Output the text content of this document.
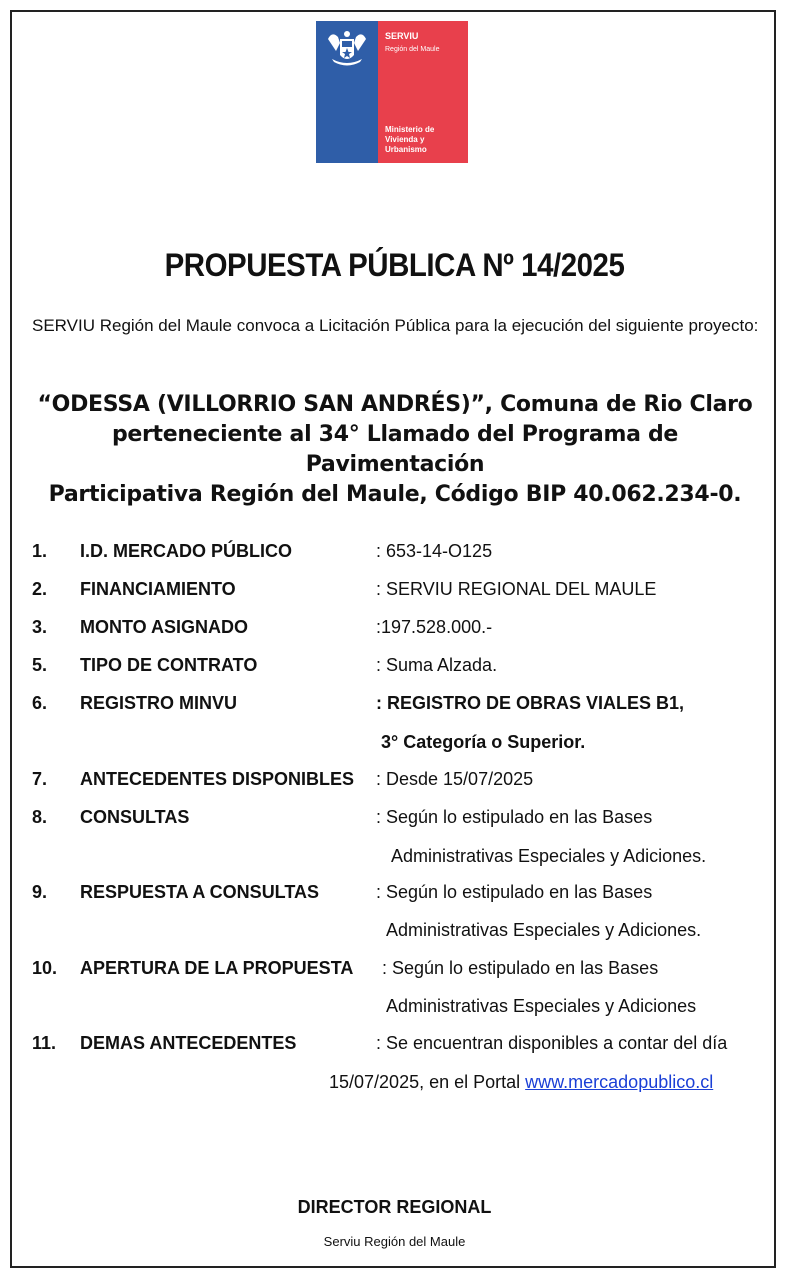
SERVIU
Región del Maule
Ministerio de Vivienda y Urbanismo
PROPUESTA PÚBLICA Nº 14/2025
SERVIU Región del Maule convoca a Licitación Pública para la ejecución del siguiente proyecto:
“ODESSA (VILLORRIO SAN ANDRÉS)”, Comuna de Rio Claro
perteneciente al 34° Llamado del Programa de Pavimentación
Participativa Región del Maule, Código BIP 40.062.234-0.
1. I.D. MERCADO PÚBLICO	: 653-14-O125
2. FINANCIAMIENTO	: SERVIU REGIONAL DEL MAULE
3. MONTO ASIGNADO	:197.528.000.-
5. TIPO DE CONTRATO	: Suma Alzada.
6. REGISTRO MINVU	: REGISTRO DE OBRAS VIALES B1,
3° Categoría o Superior.
7. ANTECEDENTES DISPONIBLES : Desde 15/07/2025
8. CONSULTAS	: Según lo estipulado en las Bases
Administrativas Especiales y Adiciones.
9. RESPUESTA A CONSULTAS	: Según lo estipulado en las Bases
Administrativas Especiales y Adiciones.
10. APERTURA DE LA PROPUESTA : Según lo estipulado en las Bases
Administrativas Especiales y Adiciones
11. DEMAS ANTECEDENTES	: Se encuentran disponibles a contar del día
15/07/2025, en el Portal www.mercadopublico.cl
DIRECTOR REGIONAL
Serviu Región del Maule
